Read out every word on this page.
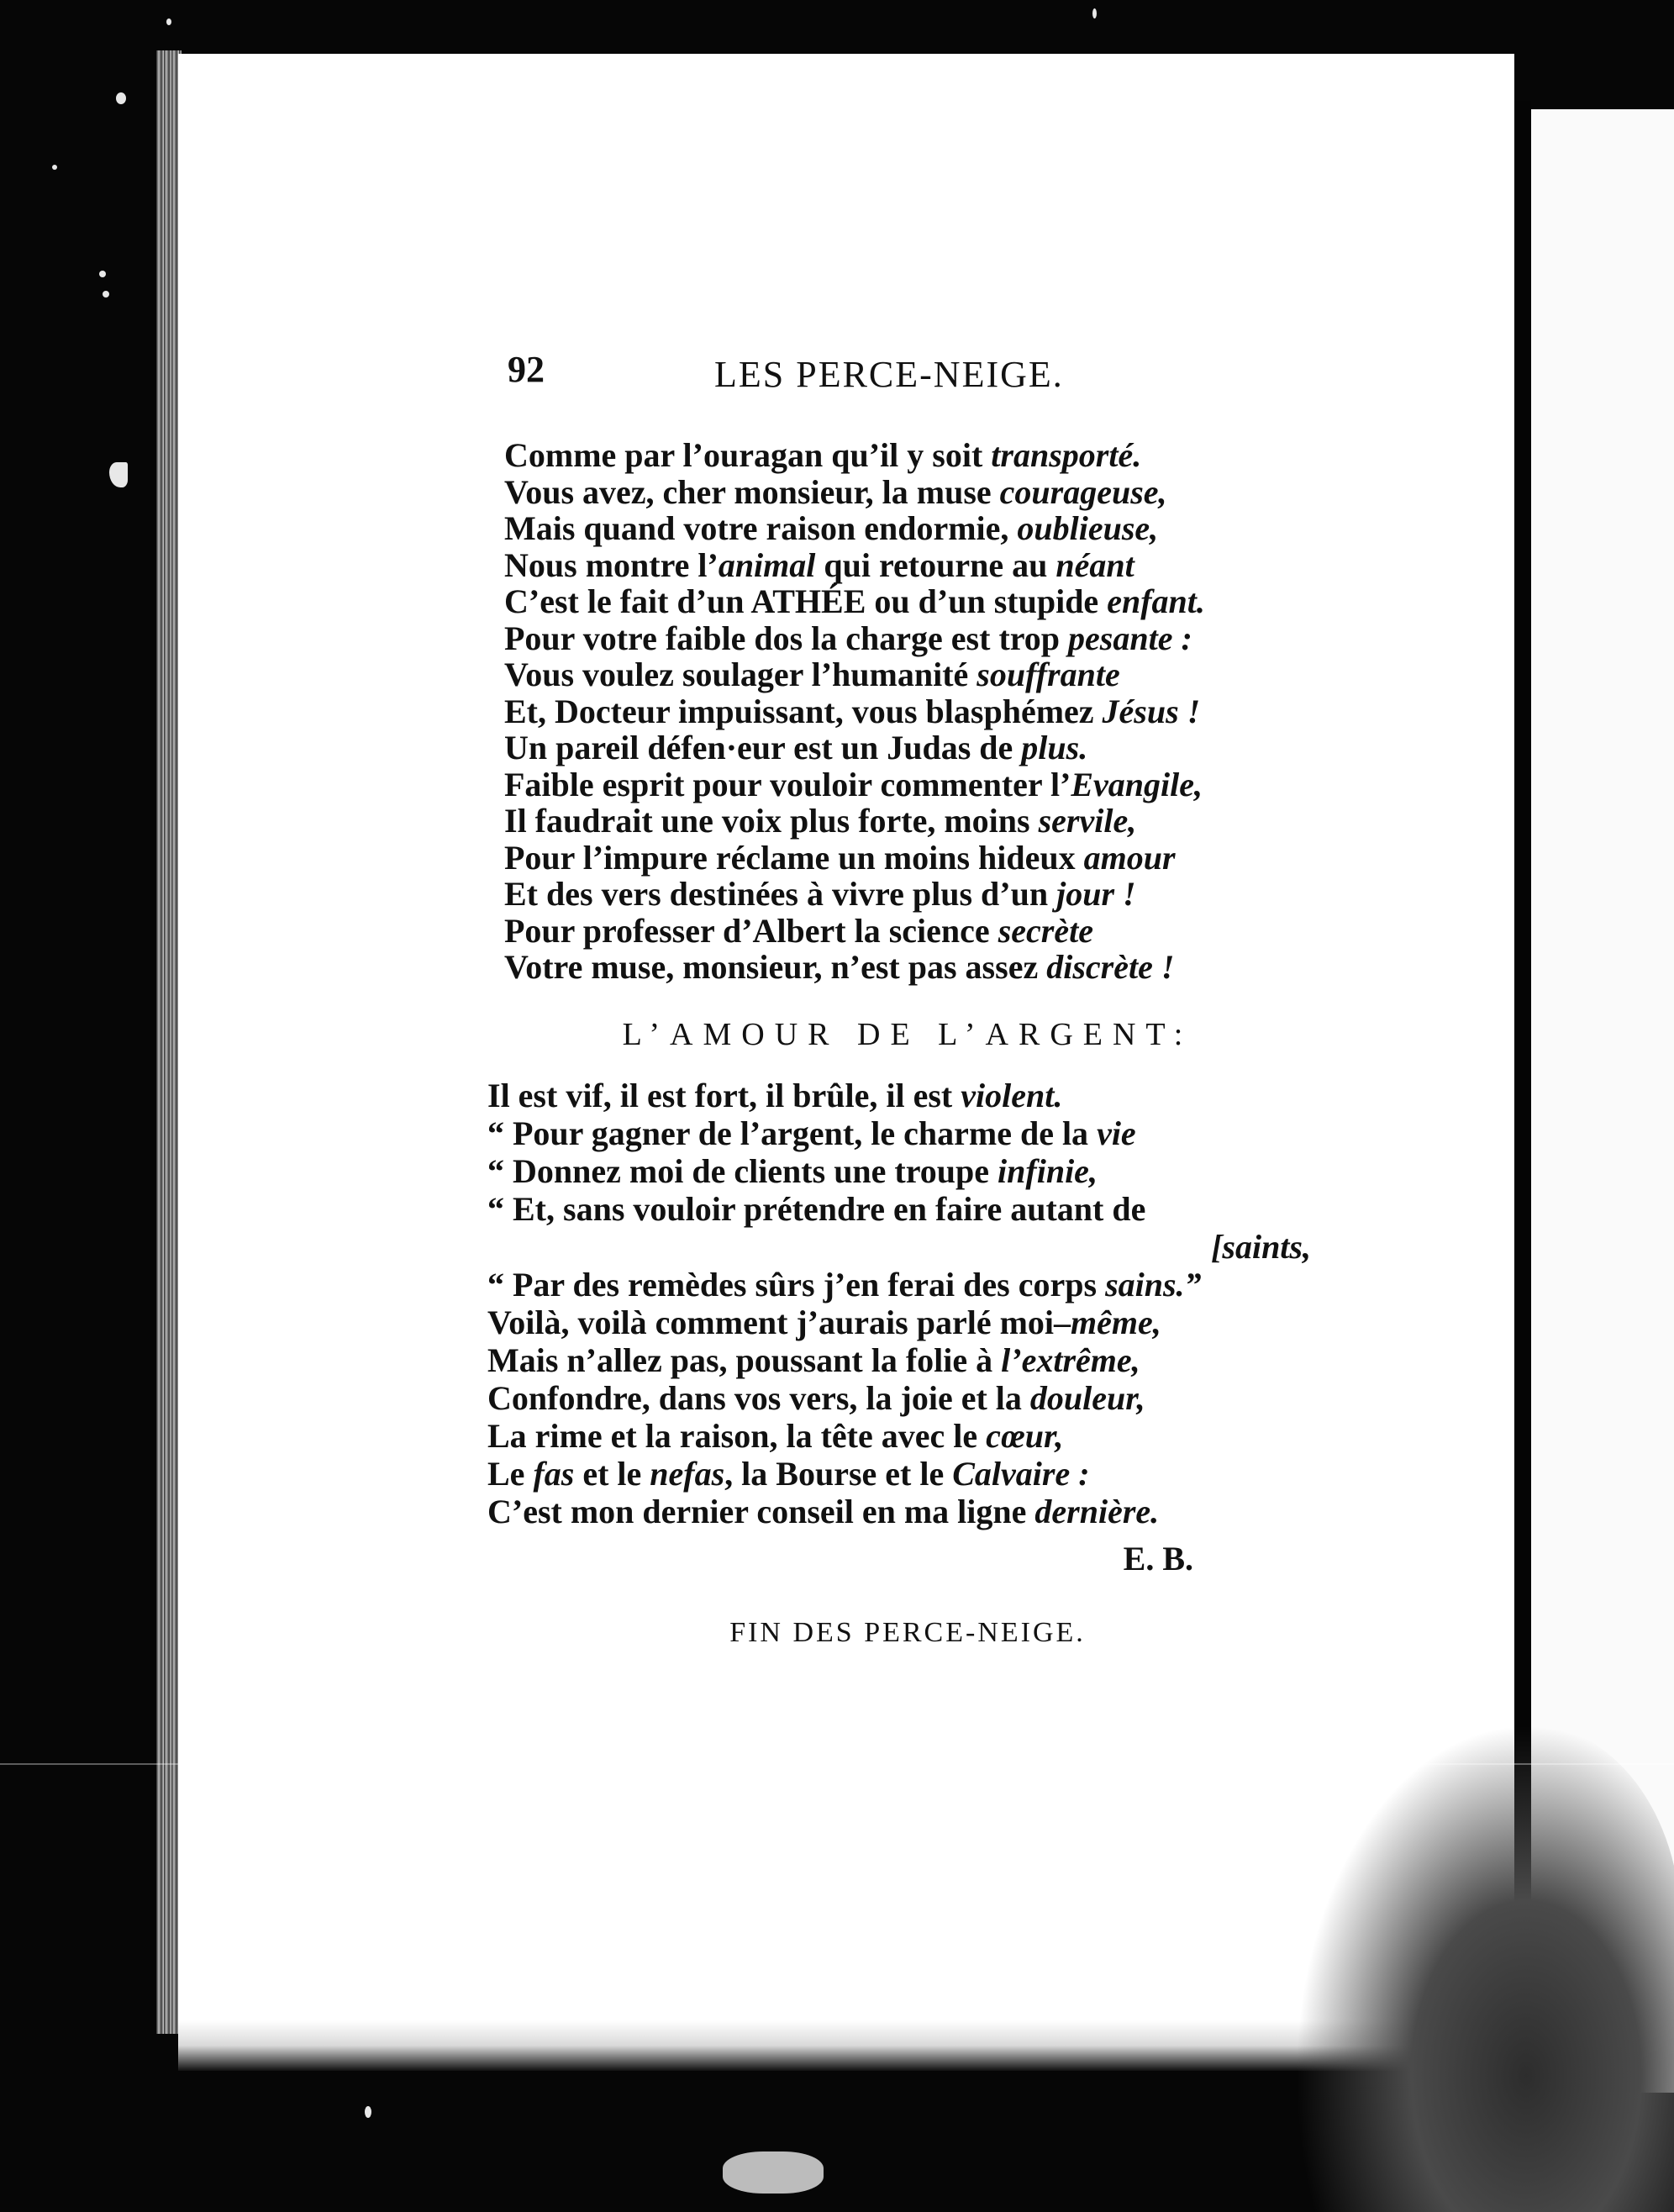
92	LES PERCE-NEIGE.
Comme par l’ouragan qu’il y soit transporté.
Vous avez, cher monsieur, la muse courageuse,
Mais quand votre raison endormie, oublieuse,
Nous montre l’animal qui retourne au néant
C’est le fait d’un ATHÉE ou d’un stupide enfant.
Pour votre faible dos la charge est trop pesante :
Vous voulez soulager l’humanité souffrante
Et, Docteur impuissant, vous blasphémez Jésus !
Un pareil défen·eur est un Judas de plus.
Faible esprit pour vouloir commenter l’Evangile,
Il faudrait une voix plus forte, moins servile,
Pour l’impure réclame un moins hideux amour
Et des vers destinées à vivre plus d’un jour !
Pour professer d’Albert la science secrète
Votre muse, monsieur, n’est pas assez discrète !
L’AMOUR DE L’ARGENT:
Il est vif, il est fort, il brûle, il est violent.
“ Pour gagner de l’argent, le charme de la vie
“ Donnez moi de clients une troupe infinie,
“ Et, sans vouloir prétendre en faire autant de
[saints,
“ Par des remèdes sûrs j’en ferai des corps sains.”
Voilà, voilà comment j’aurais parlé moi–même,
Mais n’allez pas, poussant la folie à l’extrême,
Confondre, dans vos vers, la joie et la douleur,
La rime et la raison, la tête avec le cœur,
Le fas et le nefas, la Bourse et le Calvaire :
C’est mon dernier conseil en ma ligne dernière.
E. B.
FIN DES PERCE-NEIGE.
